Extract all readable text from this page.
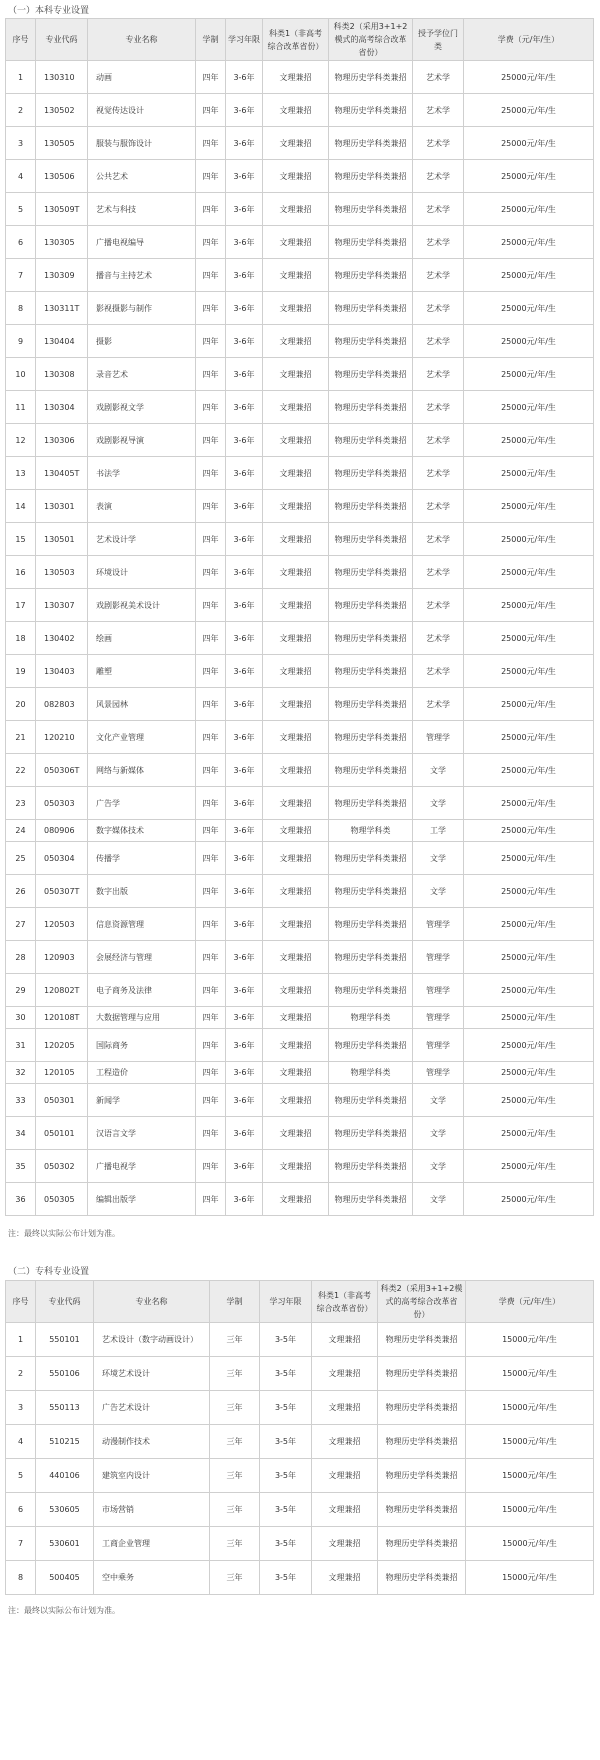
（一）本科专业设置
序号	专业代码	专业名称	学制	学习年限	科类1（非高考综合改革省份）	科类2（采用3+1+2模式的高考综合改革省份）	授予学位门类	学费（元/年/生）
1	130310	动画	四年	3-6年	文理兼招	物理历史学科类兼招	艺术学	25000元/年/生
2	130502	视觉传达设计	四年	3-6年	文理兼招	物理历史学科类兼招	艺术学	25000元/年/生
3	130505	服装与服饰设计	四年	3-6年	文理兼招	物理历史学科类兼招	艺术学	25000元/年/生
4	130506	公共艺术	四年	3-6年	文理兼招	物理历史学科类兼招	艺术学	25000元/年/生
5	130509T	艺术与科技	四年	3-6年	文理兼招	物理历史学科类兼招	艺术学	25000元/年/生
6	130305	广播电视编导	四年	3-6年	文理兼招	物理历史学科类兼招	艺术学	25000元/年/生
7	130309	播音与主持艺术	四年	3-6年	文理兼招	物理历史学科类兼招	艺术学	25000元/年/生
8	130311T	影视摄影与制作	四年	3-6年	文理兼招	物理历史学科类兼招	艺术学	25000元/年/生
9	130404	摄影	四年	3-6年	文理兼招	物理历史学科类兼招	艺术学	25000元/年/生
10	130308	录音艺术	四年	3-6年	文理兼招	物理历史学科类兼招	艺术学	25000元/年/生
11	130304	戏剧影视文学	四年	3-6年	文理兼招	物理历史学科类兼招	艺术学	25000元/年/生
12	130306	戏剧影视导演	四年	3-6年	文理兼招	物理历史学科类兼招	艺术学	25000元/年/生
13	130405T	书法学	四年	3-6年	文理兼招	物理历史学科类兼招	艺术学	25000元/年/生
14	130301	表演	四年	3-6年	文理兼招	物理历史学科类兼招	艺术学	25000元/年/生
15	130501	艺术设计学	四年	3-6年	文理兼招	物理历史学科类兼招	艺术学	25000元/年/生
16	130503	环境设计	四年	3-6年	文理兼招	物理历史学科类兼招	艺术学	25000元/年/生
17	130307	戏剧影视美术设计	四年	3-6年	文理兼招	物理历史学科类兼招	艺术学	25000元/年/生
18	130402	绘画	四年	3-6年	文理兼招	物理历史学科类兼招	艺术学	25000元/年/生
19	130403	雕塑	四年	3-6年	文理兼招	物理历史学科类兼招	艺术学	25000元/年/生
20	082803	风景园林	四年	3-6年	文理兼招	物理历史学科类兼招	艺术学	25000元/年/生
21	120210	文化产业管理	四年	3-6年	文理兼招	物理历史学科类兼招	管理学	25000元/年/生
22	050306T	网络与新媒体	四年	3-6年	文理兼招	物理历史学科类兼招	文学	25000元/年/生
23	050303	广告学	四年	3-6年	文理兼招	物理历史学科类兼招	文学	25000元/年/生
24	080906	数字媒体技术	四年	3-6年	文理兼招	物理学科类	工学	25000元/年/生
25	050304	传播学	四年	3-6年	文理兼招	物理历史学科类兼招	文学	25000元/年/生
26	050307T	数字出版	四年	3-6年	文理兼招	物理历史学科类兼招	文学	25000元/年/生
27	120503	信息资源管理	四年	3-6年	文理兼招	物理历史学科类兼招	管理学	25000元/年/生
28	120903	会展经济与管理	四年	3-6年	文理兼招	物理历史学科类兼招	管理学	25000元/年/生
29	120802T	电子商务及法律	四年	3-6年	文理兼招	物理历史学科类兼招	管理学	25000元/年/生
30	120108T	大数据管理与应用	四年	3-6年	文理兼招	物理学科类	管理学	25000元/年/生
31	120205	国际商务	四年	3-6年	文理兼招	物理历史学科类兼招	管理学	25000元/年/生
32	120105	工程造价	四年	3-6年	文理兼招	物理学科类	管理学	25000元/年/生
33	050301	新闻学	四年	3-6年	文理兼招	物理历史学科类兼招	文学	25000元/年/生
34	050101	汉语言文学	四年	3-6年	文理兼招	物理历史学科类兼招	文学	25000元/年/生
35	050302	广播电视学	四年	3-6年	文理兼招	物理历史学科类兼招	文学	25000元/年/生
36	050305	编辑出版学	四年	3-6年	文理兼招	物理历史学科类兼招	文学	25000元/年/生
注：最终以实际公布计划为准。
（二）专科专业设置
序号	专业代码	专业名称	学制	学习年限	科类1（非高考综合改革省份）	科类2（采用3+1+2模式的高考综合改革省份）	学费（元/年/生）
1	550101	艺术设计（数字动画设计）	三年	3-5年	文理兼招	物理历史学科类兼招	15000元/年/生
2	550106	环境艺术设计	三年	3-5年	文理兼招	物理历史学科类兼招	15000元/年/生
3	550113	广告艺术设计	三年	3-5年	文理兼招	物理历史学科类兼招	15000元/年/生
4	510215	动漫制作技术	三年	3-5年	文理兼招	物理历史学科类兼招	15000元/年/生
5	440106	建筑室内设计	三年	3-5年	文理兼招	物理历史学科类兼招	15000元/年/生
6	530605	市场营销	三年	3-5年	文理兼招	物理历史学科类兼招	15000元/年/生
7	530601	工商企业管理	三年	3-5年	文理兼招	物理历史学科类兼招	15000元/年/生
8	500405	空中乘务	三年	3-5年	文理兼招	物理历史学科类兼招	15000元/年/生
注：最终以实际公布计划为准。
